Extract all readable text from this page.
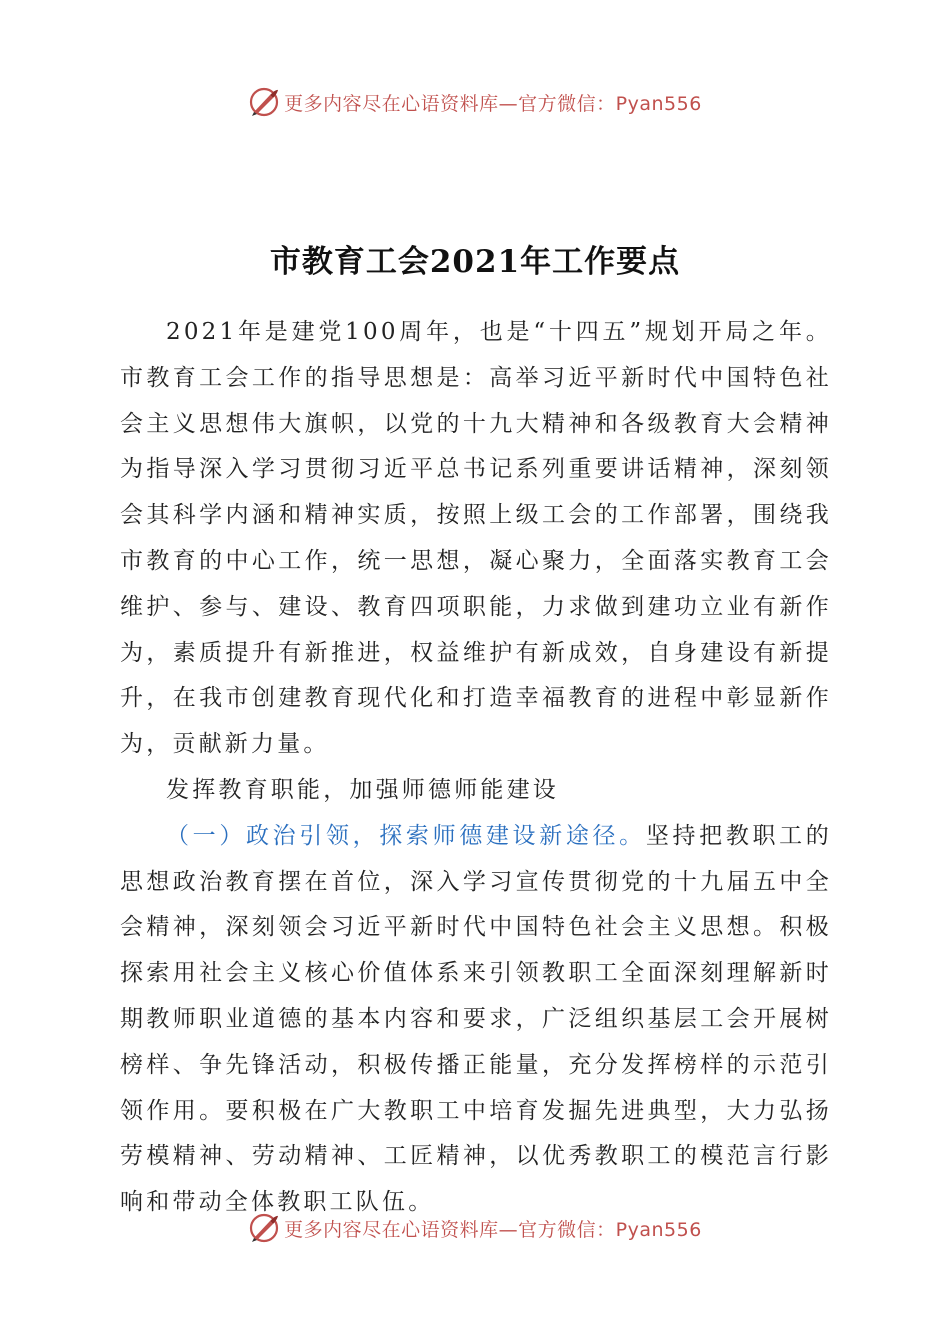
更多内容尽在心语资料库—官方微信：Pyan556
市教育工会2021年工作要点

2021年是建党100周年，也是“十四五”规划开局之年。市教育工会工作的指导思想是：高举习近平新时代中国特色社会主义思想伟大旗帜，以党的十九大精神和各级教育大会精神为指导深入学习贯彻习近平总书记系列重要讲话精神，深刻领会其科学内涵和精神实质，按照上级工会的工作部署，围绕我市教育的中心工作，统一思想，凝心聚力，全面落实教育工会维护、参与、建设、教育四项职能，力求做到建功立业有新作为，素质提升有新推进，权益维护有新成效，自身建设有新提升，在我市创建教育现代化和打造幸福教育的进程中彰显新作为，贡献新力量。

发挥教育职能，加强师德师能建设

（一）政治引领，探索师德建设新途径。坚持把教职工的思想政治教育摆在首位，深入学习宣传贯彻党的十九届五中全会精神，深刻领会习近平新时代中国特色社会主义思想。积极探索用社会主义核心价值体系来引领教职工全面深刻理解新时期教师职业道德的基本内容和要求，广泛组织基层工会开展树榜样、争先锋活动，积极传播正能量，充分发挥榜样的示范引领作用。要积极在广大教职工中培育发掘先进典型，大力弘扬劳模精神、劳动精神、工匠精神，以优秀教职工的模范言行影响和带动全体教职工队伍。

更多内容尽在心语资料库—官方微信：Pyan556
